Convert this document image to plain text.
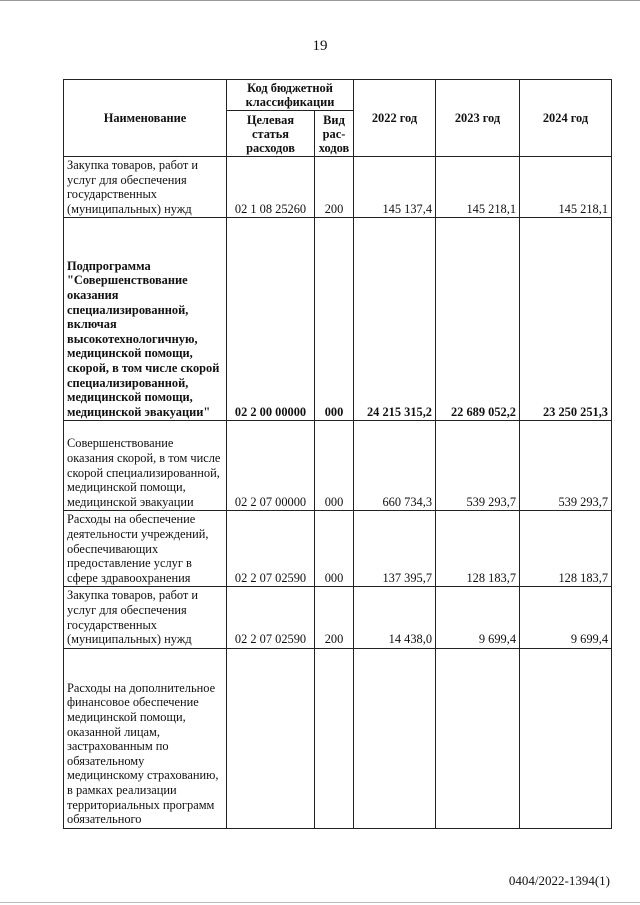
19
Наименование	Код бюджетной классификации		2022 год	2023 год	2024 год
	Целевая статья расходов	Вид рас-ходов			
Закупка товаров, работ и услуг для обеспечения государственных (муниципальных) нужд	02 1 08 25260	200	145 137,4	145 218,1	145 218,1
Подпрограмма "Совершенствование оказания специализированной, включая высокотехнологичную, медицинской помощи, скорой, в том числе скорой специализированной, медицинской помощи, медицинской эвакуации"	02 2 00 00000	000	24 215 315,2	22 689 052,2	23 250 251,3
Совершенствование оказания скорой, в том числе скорой специализированной, медицинской помощи, медицинской эвакуации	02 2 07 00000	000	660 734,3	539 293,7	539 293,7
Расходы на обеспечение деятельности учреждений, обеспечивающих предоставление услуг в сфере здравоохранения	02 2 07 02590	000	137 395,7	128 183,7	128 183,7
Закупка товаров, работ и услуг для обеспечения государственных (муниципальных) нужд	02 2 07 02590	200	14 438,0	9 699,4	9 699,4
Расходы на дополнительное финансовое обеспечение медицинской помощи, оказанной лицам, застрахованным по обязательному медицинскому страхованию, в рамках реализации территориальных программ обязательного					
0404/2022-1394(1)
